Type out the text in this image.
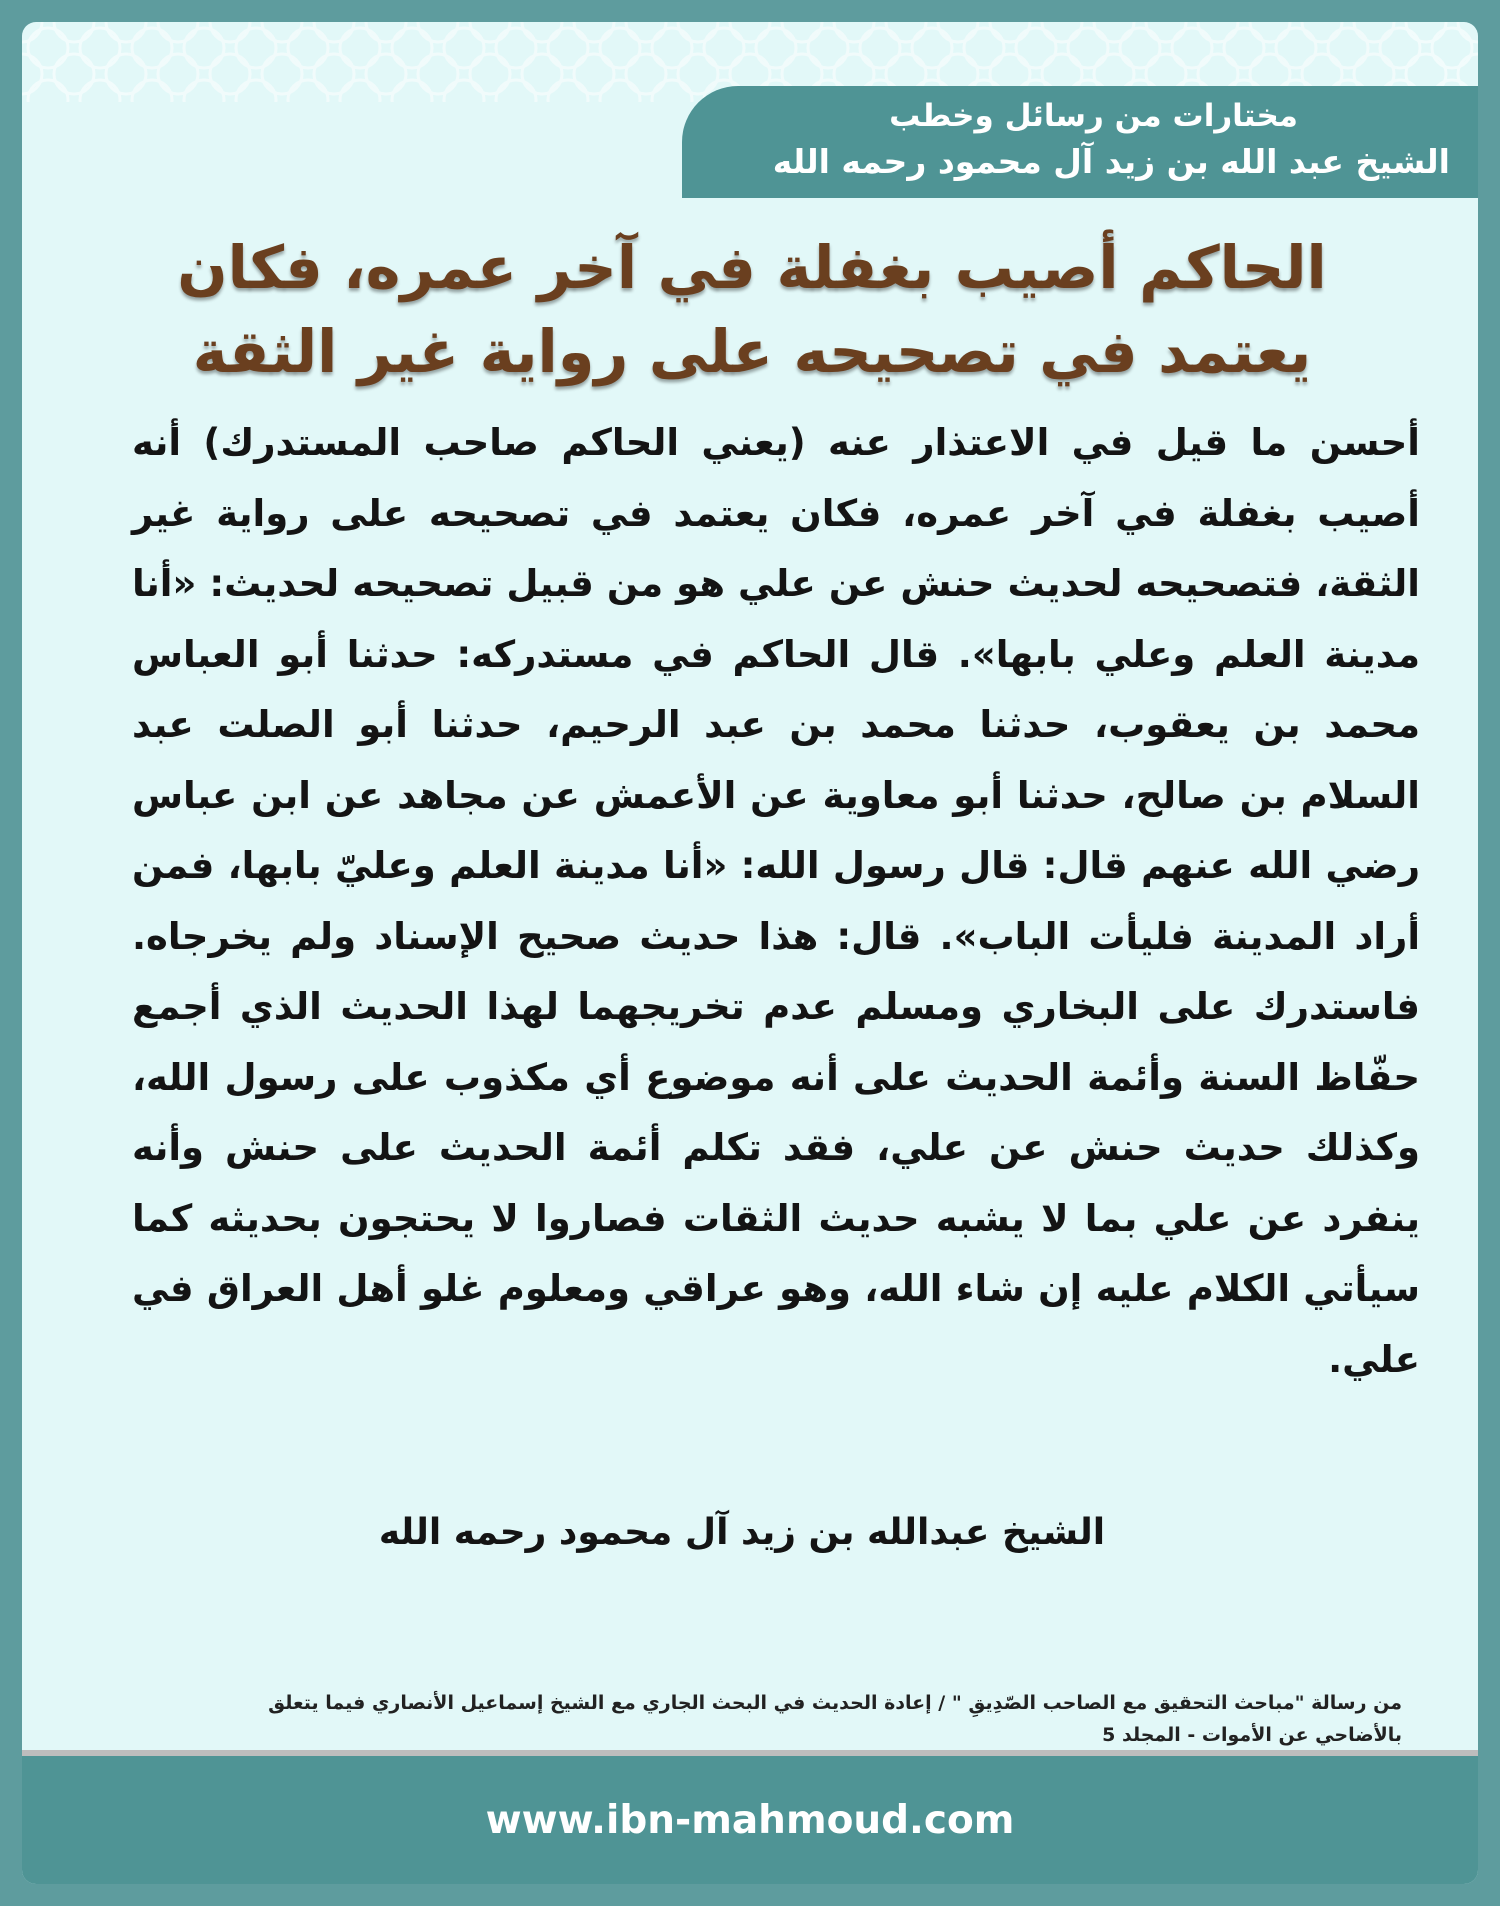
مختارات من رسائل وخطب
الشيخ عبد الله بن زيد آل محمود رحمه الله
الحاكم أصيب بغفلة في آخر عمره، فكان
يعتمد في تصحيحه على رواية غير الثقة
أحسن ما قيل في الاعتذار عنه (يعني الحاكم صاحب المستدرك) أنه أصيب بغفلة في آخر عمره، فكان يعتمد في تصحيحه على رواية غير الثقة، فتصحيحه لحديث حنش عن علي هو من قبيل تصحيحه لحديث: «أنا مدينة العلم وعلي بابها». قال الحاكم في مستدركه: حدثنا أبو العباس محمد بن يعقوب، حدثنا محمد بن عبد الرحيم، حدثنا أبو الصلت عبد السلام بن صالح، حدثنا أبو معاوية عن الأعمش عن مجاهد عن ابن عباس رضي الله عنهم قال: قال رسول الله: «أنا مدينة العلم وعليّ بابها، فمن أراد المدينة فليأت الباب». قال: هذا حديث صحيح الإسناد ولم يخرجاه. فاستدرك على البخاري ومسلم عدم تخريجهما لهذا الحديث الذي أجمع حفّاظ السنة وأئمة الحديث على أنه موضوع أي مكذوب على رسول الله، وكذلك حديث حنش عن علي، فقد تكلم أئمة الحديث على حنش وأنه ينفرد عن علي بما لا يشبه حديث الثقات فصاروا لا يحتجون بحديثه كما سيأتي الكلام عليه إن شاء الله، وهو عراقي ومعلوم غلو أهل العراق في علي.
الشيخ عبدالله بن زيد آل محمود رحمه الله

من رسالة "مباحث التحقيق مع الصاحب الصّدِيقِ " / إعادة الحديث في البحث الجاري مع الشيخ إسماعيل الأنصاري فيما يتعلق

بالأضاحي عن الأموات - المجلد 5

www.ibn-mahmoud.com
